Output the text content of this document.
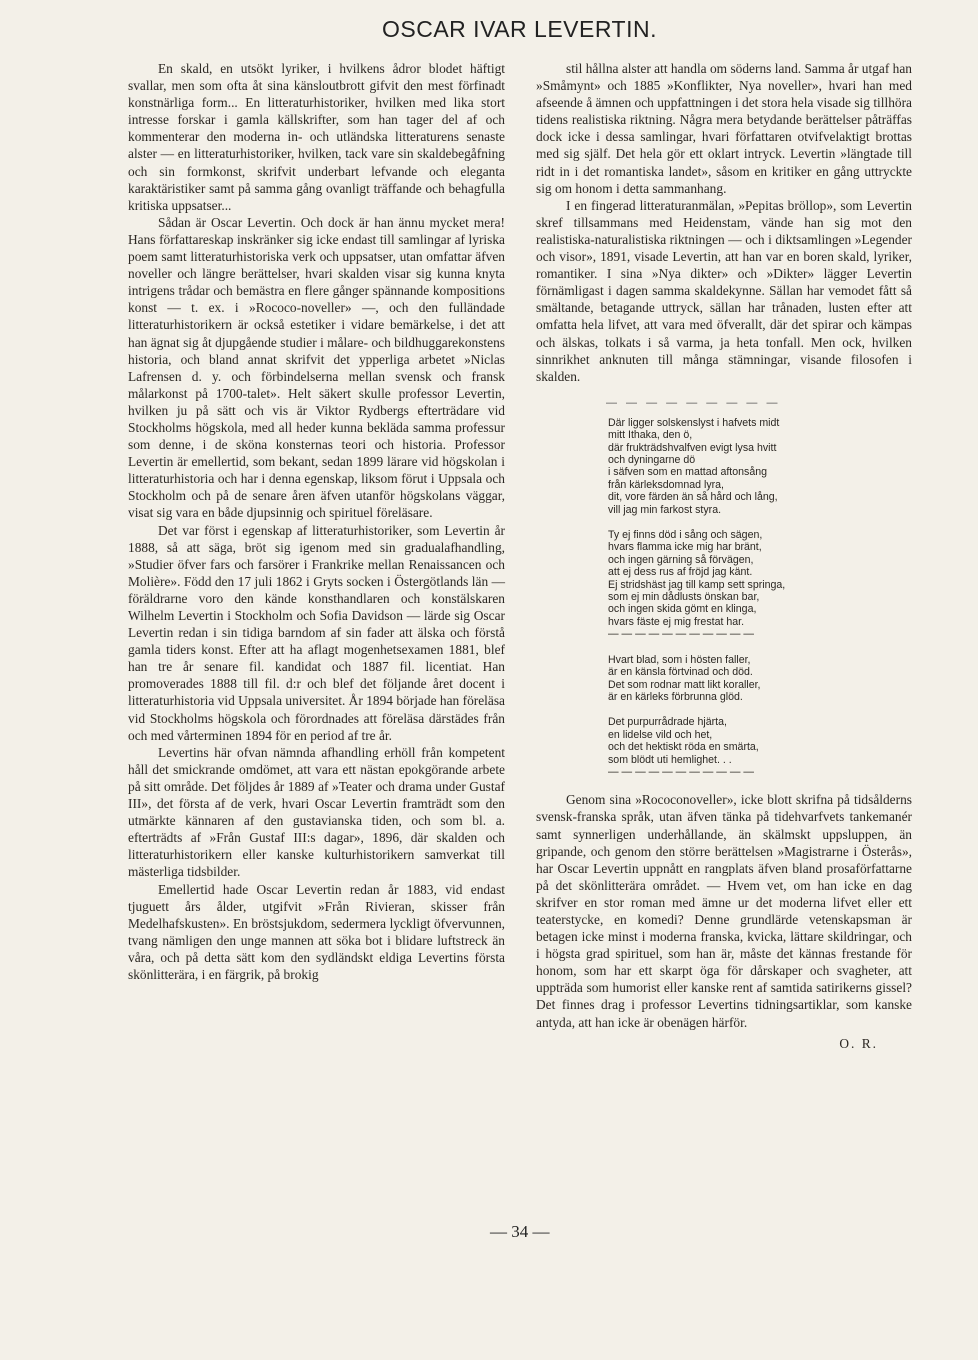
OSCAR IVAR LEVERTIN.

En skald, en utsökt lyriker, i hvilkens ådror blodet häftigt svallar, men som ofta åt sina känsloutbrott gifvit den mest förfinadt konstnärliga form... En litteraturhistoriker, hvilken med lika stort intresse forskar i gamla källskrifter, som han tager del af och kommenterar den moderna in- och utländska litteraturens senaste alster — en litteraturhistoriker, hvilken, tack vare sin skaldebegåfning och sin formkonst, skrifvit underbart lefvande och eleganta karaktäristiker samt på samma gång ovanligt träffande och behagfulla kritiska uppsatser...

Sådan är Oscar Levertin. Och dock är han ännu mycket mera! Hans författareskap inskränker sig icke endast till samlingar af lyriska poem samt litteraturhistoriska verk och uppsatser, utan omfattar äfven noveller och längre berättelser, hvari skalden visar sig kunna knyta intrigens trådar och bemästra en flere gånger spännande kompositions konst — t. ex. i »Rococo-noveller» —, och den fulländade litteraturhistorikern är också estetiker i vidare bemärkelse, i det att han ägnat sig åt djupgående studier i målare- och bildhuggarekonstens historia, och bland annat skrifvit det ypperliga arbetet »Niclas Lafrensen d. y. och förbindelserna mellan svensk och fransk målarkonst på 1700-talet». Helt säkert skulle professor Levertin, hvilken ju på sätt och vis är Viktor Rydbergs efterträdare vid Stockholms högskola, med all heder kunna bekläda samma professur som denne, i de sköna konsternas teori och historia. Professor Levertin är emellertid, som bekant, sedan 1899 lärare vid högskolan i litteraturhistoria och har i denna egenskap, liksom förut i Uppsala och Stockholm och på de senare åren äfven utanför högskolans väggar, visat sig vara en både djupsinnig och spirituel föreläsare.

Det var först i egenskap af litteraturhistoriker, som Levertin år 1888, så att säga, bröt sig igenom med sin gradualafhandling, »Studier öfver fars och farsörer i Frankrike mellan Renaissancen och Molière». Född den 17 juli 1862 i Gryts socken i Östergötlands län — föräldrarne voro den kände konsthandlaren och konstälskaren Wilhelm Levertin i Stockholm och Sofia Davidson — lärde sig Oscar Levertin redan i sin tidiga barndom af sin fader att älska och förstå gamla tiders konst. Efter att ha aflagt mogenhetsexamen 1881, blef han tre år senare fil. kandidat och 1887 fil. licentiat. Han promoverades 1888 till fil. d:r och blef det följande året docent i litteraturhistoria vid Uppsala universitet. År 1894 började han föreläsa vid Stockholms högskola och förordnades att föreläsa därstädes från och med vårterminen 1894 för en period af tre år.

Levertins här ofvan nämnda afhandling erhöll från kompetent håll det smickrande omdömet, att vara ett nästan epokgörande arbete på sitt område. Det följdes år 1889 af »Teater och drama under Gustaf III», det första af de verk, hvari Oscar Levertin framträdt som den utmärkte kännaren af den gustavianska tiden, och som bl. a. efterträdts af »Från Gustaf III:s dagar», 1896, där skalden och litteraturhistorikern eller kanske kulturhistorikern samverkat till mästerliga tidsbilder.

Emellertid hade Oscar Levertin redan år 1883, vid endast tjuguett års ålder, utgifvit »Från Rivieran, skisser från Medelhafskusten». En bröstsjukdom, sedermera lyckligt öfvervunnen, tvang nämligen den unge mannen att söka bot i blidare luftstreck än våra, och på detta sätt kom den sydländskt eldiga Levertins första skönlitterära, i en färgrik, på brokig

stil hållna alster att handla om söderns land. Samma år utgaf han »Småmynt» och 1885 »Konflikter, Nya noveller», hvari han med afseende å ämnen och uppfattningen i det stora hela visade sig tillhöra tidens realistiska riktning. Några mera betydande berättelser påträffas dock icke i dessa samlingar, hvari författaren otvifvelaktigt brottas med sig själf. Det hela gör ett oklart intryck. Levertin »längtade till ridt in i det romantiska landet», såsom en kritiker en gång uttryckte sig om honom i detta sammanhang.

I en fingerad litteraturanmälan, »Pepitas bröllop», som Levertin skref tillsammans med Heidenstam, vände han sig mot den realistiska-naturalistiska riktningen — och i diktsamlingen »Legender och visor», 1891, visade Levertin, att han var en boren skald, lyriker, romantiker. I sina »Nya dikter» och »Dikter» lägger Levertin förnämligast i dagen samma skaldekynne. Sällan har vemodet fått så smältande, betagande uttryck, sällan har trånaden, lusten efter att omfatta hela lifvet, att vara med öfverallt, där det spirar och kämpas och älskas, tolkats i så varma, ja heta tonfall. Men ock, hvilken sinnrikhet anknuten till många stämningar, visande filosofen i skalden.

— — — — — — — — —
Där ligger solskenslyst i hafvets midt
mitt Ithaka, den ö,
där frukträdshvalfven evigt lysa hvitt
och dyningarne dö
i säfven som en mattad aftonsång
från kärleksdomnad lyra,
dit, vore färden än så hård och lång,
vill jag min farkost styra.
Ty ej finns död i sång och sägen,
hvars flamma icke mig har bränt,
och ingen gärning så förvägen,
att ej dess rus af fröjd jag känt.
Ej stridshäst jag till kamp sett springa,
som ej min dådlusts önskan bar,
och ingen skida gömt en klinga,
hvars fäste ej mig frestat har.
— — — — — — — — — — —
Hvart blad, som i hösten faller,
är en känsla förtvinad och död.
Det som rodnar matt likt koraller,
är en kärleks förbrunna glöd.
Det purpurrådrade hjärta,
en lidelse vild och het,
och det hektiskt röda en smärta,
som blödt uti hemlighet. . .
— — — — — — — — — — —

Genom sina »Rococonoveller», icke blott skrifna på tidsålderns svensk-franska språk, utan äfven tänka på tidehvarfvets tankemanér samt synnerligen underhållande, än skälmskt uppsluppen, än gripande, och genom den större berättelsen »Magistrarne i Österås», har Oscar Levertin uppnått en rangplats äfven bland prosaförfattarne på det skönlitterära området. — Hvem vet, om han icke en dag skrifver en stor roman med ämne ur det moderna lifvet eller ett teaterstycke, en komedi? Denne grundlärde vetenskapsman är betagen icke minst i moderna franska, kvicka, lättare skildringar, och i högsta grad spirituel, som han är, måste det kännas frestande för honom, som har ett skarpt öga för dårskaper och svagheter, att uppträda som humorist eller kanske rent af samtida satirikerns gissel? Det finnes drag i professor Levertins tidningsartiklar, som kanske antyda, att han icke är obenägen härför.

O. R.
— 34 —
